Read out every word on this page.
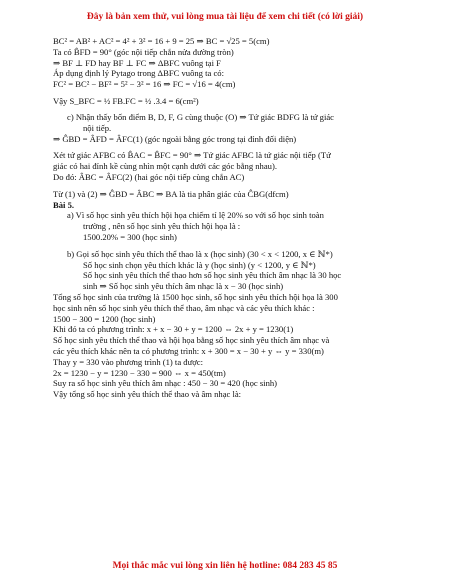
Đây là bản xem thử, vui lòng mua tài liệu để xem chi tiết (có lời giải)
BC² = AB² + AC² = 4² + 3² = 16 + 9 = 25 ⇒ BC = √25 = 5(cm)
Ta có B̂FD = 90° (góc nội tiếp chắn nửa đường tròn)
⇒ BF ⊥ FD hay BF ⊥ FC ⇒ ΔBFC vuông tại F
Áp dụng định lý Pytago trong ΔBFC vuông ta có:
FC² = BC² − BF² = 5² − 3² = 16 ⇒ FC = √16 = 4(cm)
Vậy S_BFC = ½ FB.FC = ½ .3.4 = 6(cm²)
c) Nhận thấy bốn điểm B, D, F, G cùng thuộc (O) ⇒ Tứ giác BDFG là tứ giác
nội tiếp.
⇒ ĜBD = ÂFD = ÂFC(1) (góc ngoài bằng góc trong tại đỉnh đối diện)
Xét tứ giác AFBC có B̂AC = B̂FC = 90° ⇒ Tứ giác AFBC là tứ giác nội tiếp (Tứ
giác có hai đỉnh kề cùng nhìn một cạnh dưới các góc bằng nhau).
Do đó: ÂBC = ÂFC(2) (hai góc nội tiếp cùng chắn AC)
Từ (1) và (2) ⇒ ĜBD = ÂBC ⇒ BA là tia phân giác của ĈBG(dfcm)
Bài 5.
a) Vì số học sinh yêu thích hội họa chiếm tỉ lệ 20% so với số học sinh toàn
trường , nên số học sinh yêu thích hội họa là :
1500.20% = 300 (học sinh)
b) Gọi số học sinh yêu thích thể thao là x (học sinh) (30 < x < 1200, x ∈ ℕ*)
Số học sinh chọn yêu thích khác là y (học sinh) (y < 1200, y ∈ ℕ*)
Số học sinh yêu thích thể thao hơn số học sinh yêu thích âm nhạc là 30 học
sinh ⇒ Số học sinh yêu thích âm nhạc là x − 30 (học sinh)
Tổng số học sinh của trường là 1500 học sinh, số học sinh yêu thích hội họa là 300
học sinh nên số học sinh yêu thích thể thao, âm nhạc và các yêu thích khác :
1500 − 300 = 1200 (học sinh)
Khi đó ta có phương trình: x + x − 30 + y = 1200 ⇔ 2x + y = 1230(1)
Số học sinh yêu thích thể thao và hội họa bằng số học sinh yêu thích âm nhạc và
các yêu thích khác nên ta có phương trình: x + 300 = x − 30 + y ⇔ y = 330(m)
Thay y = 330 vào phương trình (1) ta được:
2x = 1230 − y = 1230 − 330 = 900 ⇔ x = 450(tm)
Suy ra số học sinh yêu thích âm nhạc : 450 − 30 = 420 (học sinh)
Vậy tổng số học sinh yêu thích thể thao và âm nhạc là:
Mọi thắc mắc vui lòng xin liên hệ hotline: 084 283 45 85
